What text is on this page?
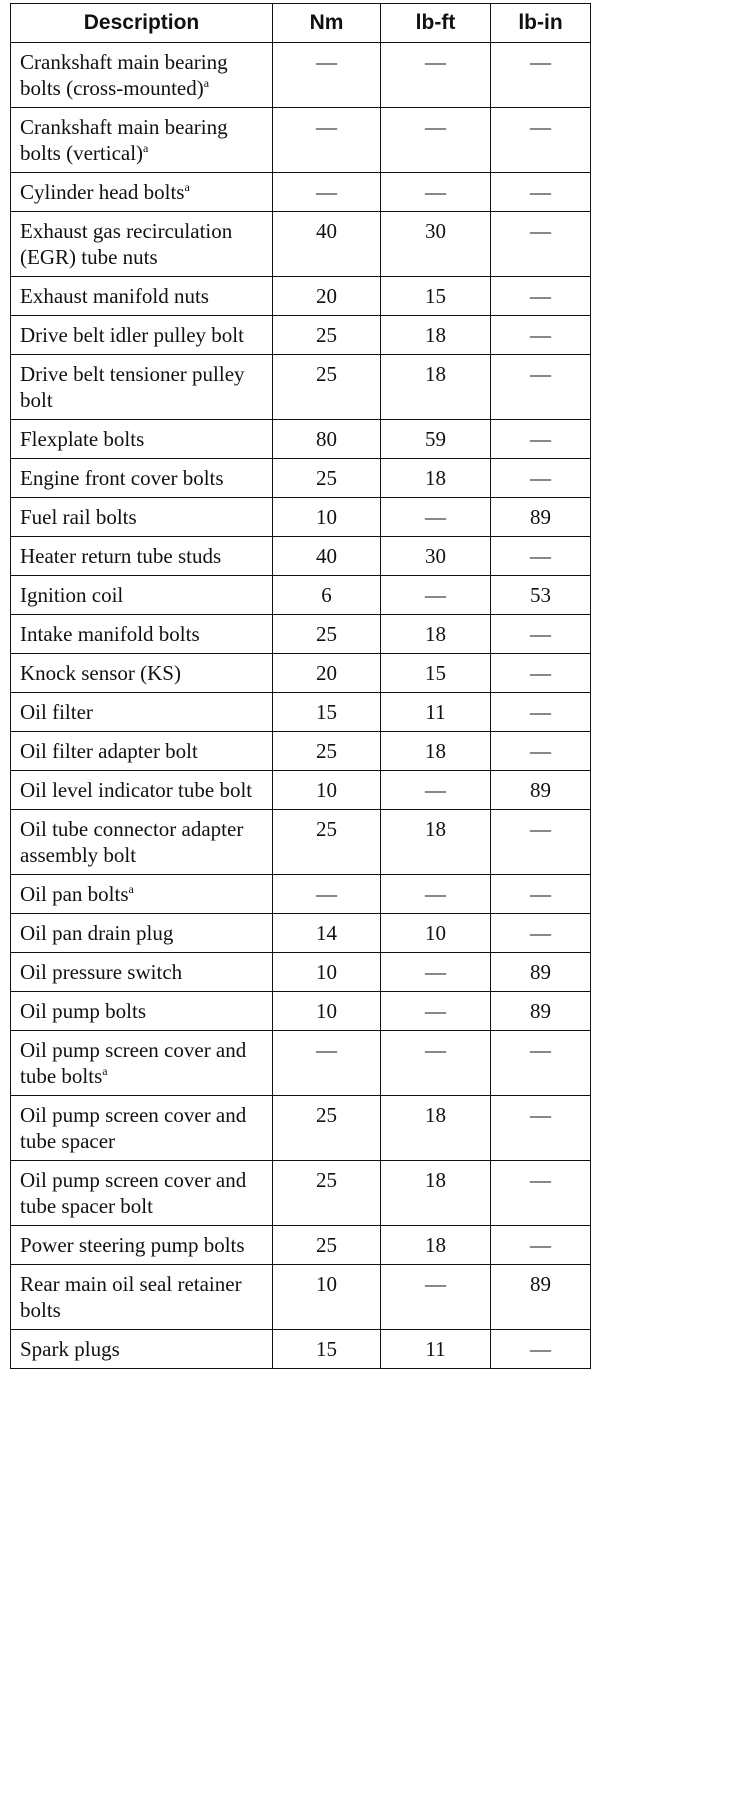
Description	Nm	lb-ft	lb-in
Crankshaft main bearing bolts (cross-mounted)$^a$	—	—	—
Crankshaft main bearing bolts (vertical)$^a$	—	—	—
Cylinder head bolts$^a$	—	—	—
Exhaust gas recirculation (EGR) tube nuts	40	30	—
Exhaust manifold nuts	20	15	—
Drive belt idler pulley bolt	25	18	—
Drive belt tensioner pulley bolt	25	18	—
Flexplate bolts	80	59	—
Engine front cover bolts	25	18	—
Fuel rail bolts	10	—	89
Heater return tube studs	40	30	—
Ignition coil	6	—	53
Intake manifold bolts	25	18	—
Knock sensor (KS)	20	15	—
Oil filter	15	11	—
Oil filter adapter bolt	25	18	—
Oil level indicator tube bolt	10	—	89
Oil tube connector adapter assembly bolt	25	18	—
Oil pan bolts$^a$	—	—	—
Oil pan drain plug	14	10	—
Oil pressure switch	10	—	89
Oil pump bolts	10	—	89
Oil pump screen cover and tube bolts$^a$	—	—	—
Oil pump screen cover and tube spacer	25	18	—
Oil pump screen cover and tube spacer bolt	25	18	—
Power steering pump bolts	25	18	—
Rear main oil seal retainer bolts	10	—	89
Spark plugs	15	11	—
